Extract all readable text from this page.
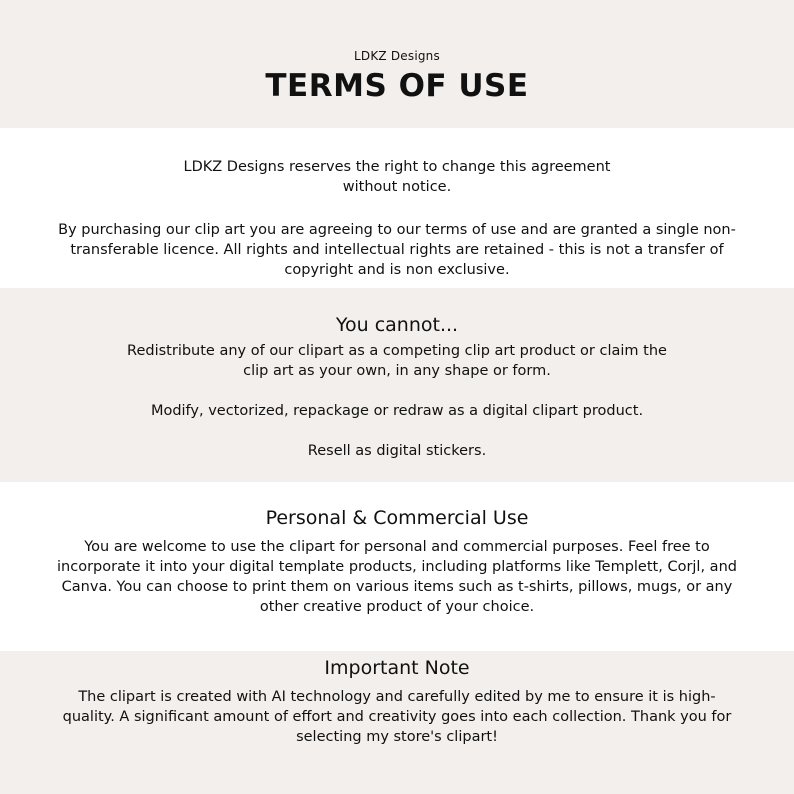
LDKZ Designs
TERMS OF USE
LDKZ Designs reserves the right to change this agreement
without notice.
By purchasing our clip art you are agreeing to our terms of use and are granted a single non-
transferable licence. All rights and intellectual rights are retained - this is not a transfer of
copyright and is non exclusive.
You cannot...
Redistribute any of our clipart as a competing clip art product or claim the
clip art as your own, in any shape or form.
Modify, vectorized, repackage or redraw as a digital clipart product.
Resell as digital stickers.
Personal & Commercial Use
You are welcome to use the clipart for personal and commercial purposes. Feel free to
incorporate it into your digital template products, including platforms like Templett, Corjl, and
Canva. You can choose to print them on various items such as t-shirts, pillows, mugs, or any
other creative product of your choice.
Important Note
The clipart is created with AI technology and carefully edited by me to ensure it is high-
quality. A significant amount of effort and creativity goes into each collection. Thank you for
selecting my store's clipart!
